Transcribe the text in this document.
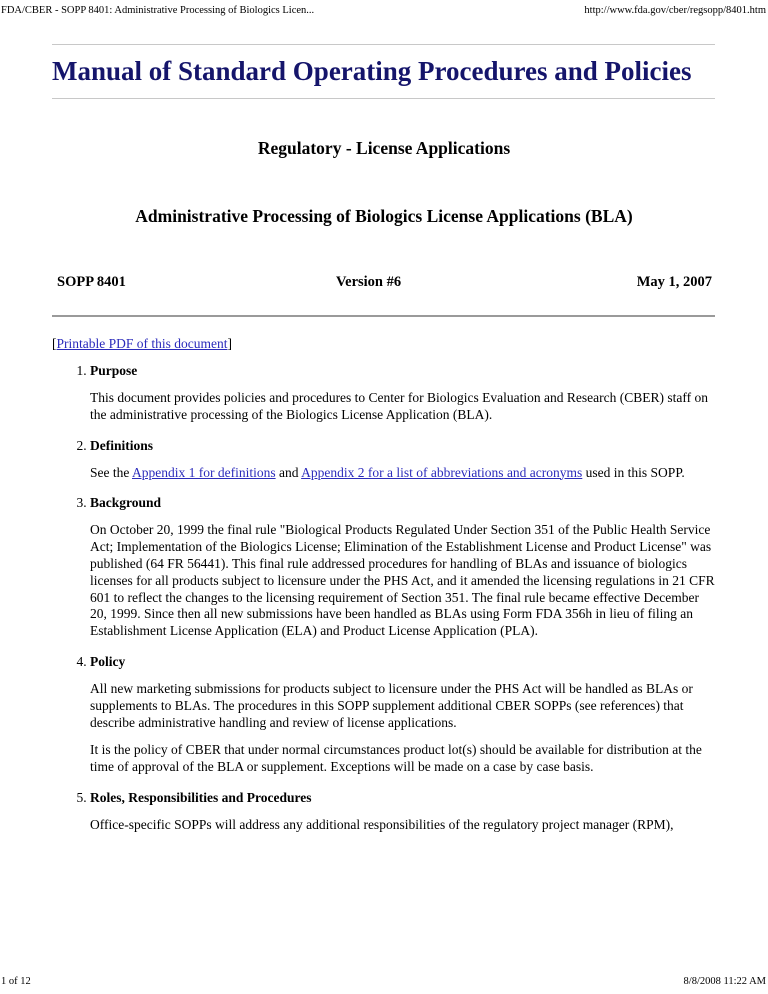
FDA/CBER - SOPP 8401: Administrative Processing of Biologics Licen...	http://www.fda.gov/cber/regsopp/8401.htm
Manual of Standard Operating Procedures and Policies
Regulatory - License Applications
Administrative Processing of Biologics License Applications (BLA)
SOPP 8401	Version #6	May 1, 2007
[Printable PDF of this document]
1. Purpose

This document provides policies and procedures to Center for Biologics Evaluation and Research (CBER) staff on the administrative processing of the Biologics License Application (BLA).

2. Definitions

See the Appendix 1 for definitions and Appendix 2 for a list of abbreviations and acronyms used in this SOPP.

3. Background

On October 20, 1999 the final rule "Biological Products Regulated Under Section 351 of the Public Health Service Act; Implementation of the Biologics License; Elimination of the Establishment License and Product License" was published (64 FR 56441). This final rule addressed procedures for handling of BLAs and issuance of biologics licenses for all products subject to licensure under the PHS Act, and it amended the licensing regulations in 21 CFR 601 to reflect the changes to the licensing requirement of Section 351. The final rule became effective December 20, 1999. Since then all new submissions have been handled as BLAs using Form FDA 356h in lieu of filing an Establishment License Application (ELA) and Product License Application (PLA).

4. Policy

All new marketing submissions for products subject to licensure under the PHS Act will be handled as BLAs or supplements to BLAs. The procedures in this SOPP supplement additional CBER SOPPs (see references) that describe administrative handling and review of license applications.

It is the policy of CBER that under normal circumstances product lot(s) should be available for distribution at the time of approval of the BLA or supplement. Exceptions will be made on a case by case basis.

5. Roles, Responsibilities and Procedures

Office-specific SOPPs will address any additional responsibilities of the regulatory project manager (RPM),

1 of 12	8/8/2008 11:22 AM
